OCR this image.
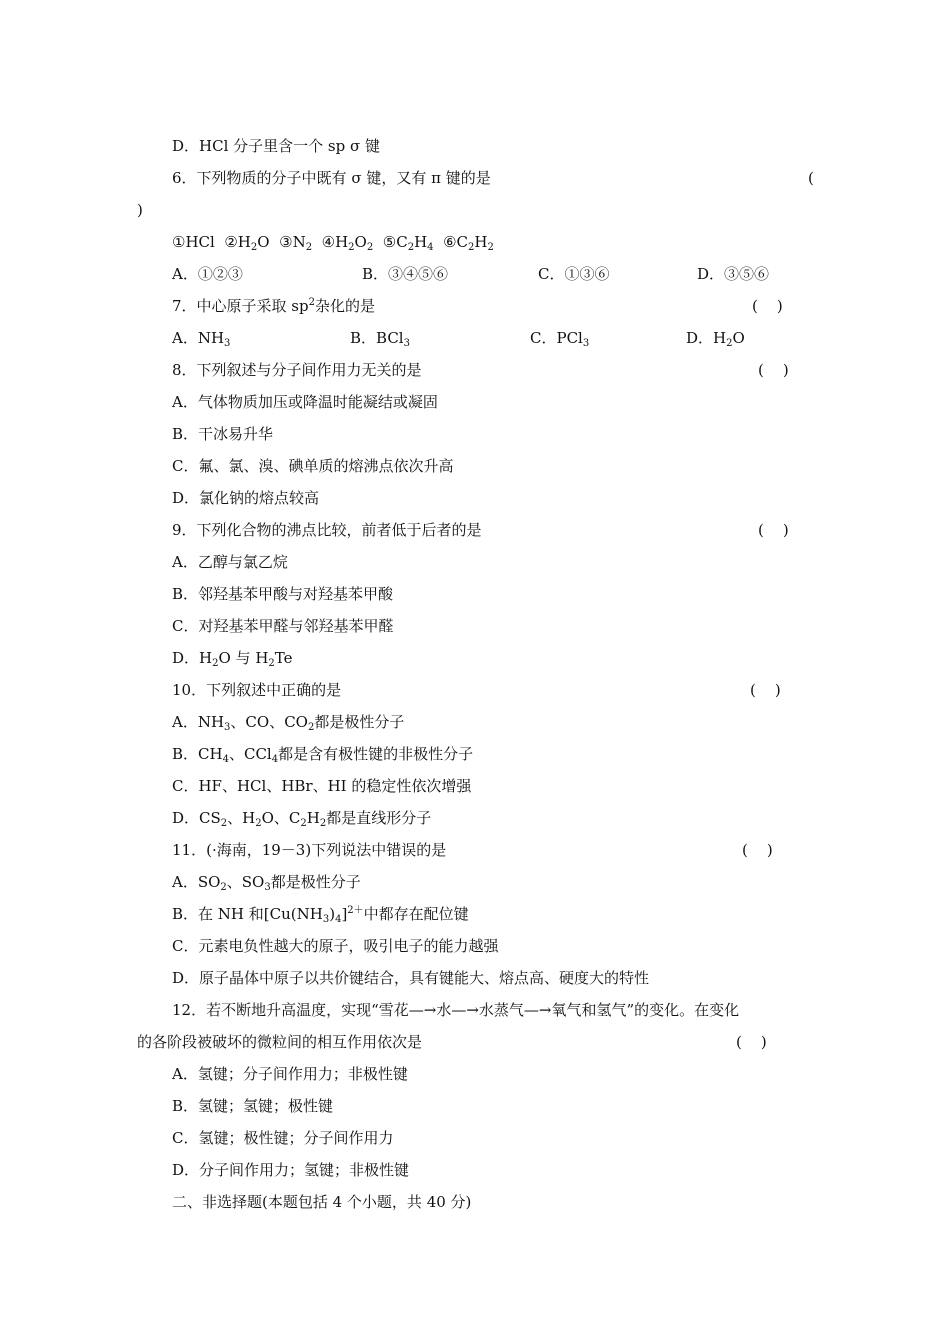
D．HCl 分子里含一个 sp σ 键
6．下列物质的分子中既有 σ 键，又有 π 键的是	(
)
①HCl $②H_2O$ $③N_2$ $④H_2O_2$ $⑤C_2H_4$ $⑥C_2H_2$
A．①②③	B．③④⑤⑥	C．①③⑥	D．③⑤⑥
7．中心原子采取 $sp^2$杂化的是	(    )
A．$NH_3$	B．BCl$_3$	C．PCl$_3$	D．$H_2O$
8．下列叙述与分子间作用力无关的是	(    )
A．气体物质加压或降温时能凝结或凝固
B．干冰易升华
C．氟、氯、溴、碘单质的熔沸点依次升高
D．氯化钠的熔点较高
9．下列化合物的沸点比较，前者低于后者的是	(    )
A．乙醇与氯乙烷
B．邻羟基苯甲酸与对羟基苯甲酸
C．对羟基苯甲醛与邻羟基苯甲醛
D．$H_2O$ 与 $H_2Te$
10．下列叙述中正确的是	(    )
A．$NH_3$、CO、$CO_2$都是极性分子
B．$CH_4$、CCl$_4$都是含有极性键的非极性分子
C．HF、HCl、HBr、HI 的稳定性依次增强
D．$CS_2$、$H_2O$、$C_2H_2$都是直线形分子
11．(·海南，19－3)下列说法中错误的是	(    )
A．$SO_2$、$SO_3$都是极性分子
B．在 NH 和$[Cu(NH_3)_4]^{2+}$中都存在配位键
C．元素电负性越大的原子，吸引电子的能力越强
D．原子晶体中原子以共价键结合，具有键能大、熔点高、硬度大的特性
12．若不断地升高温度，实现“雪花—→水—→水蒸气—→氧气和氢气”的变化。在变化
的各阶段被破坏的微粒间的相互作用依次是	(    )
A．氢键；分子间作用力；非极性键
B．氢键；氢键；极性键
C．氢键；极性键；分子间作用力
D．分子间作用力；氢键；非极性键
二、非选择题(本题包括 4 个小题，共 40 分)
